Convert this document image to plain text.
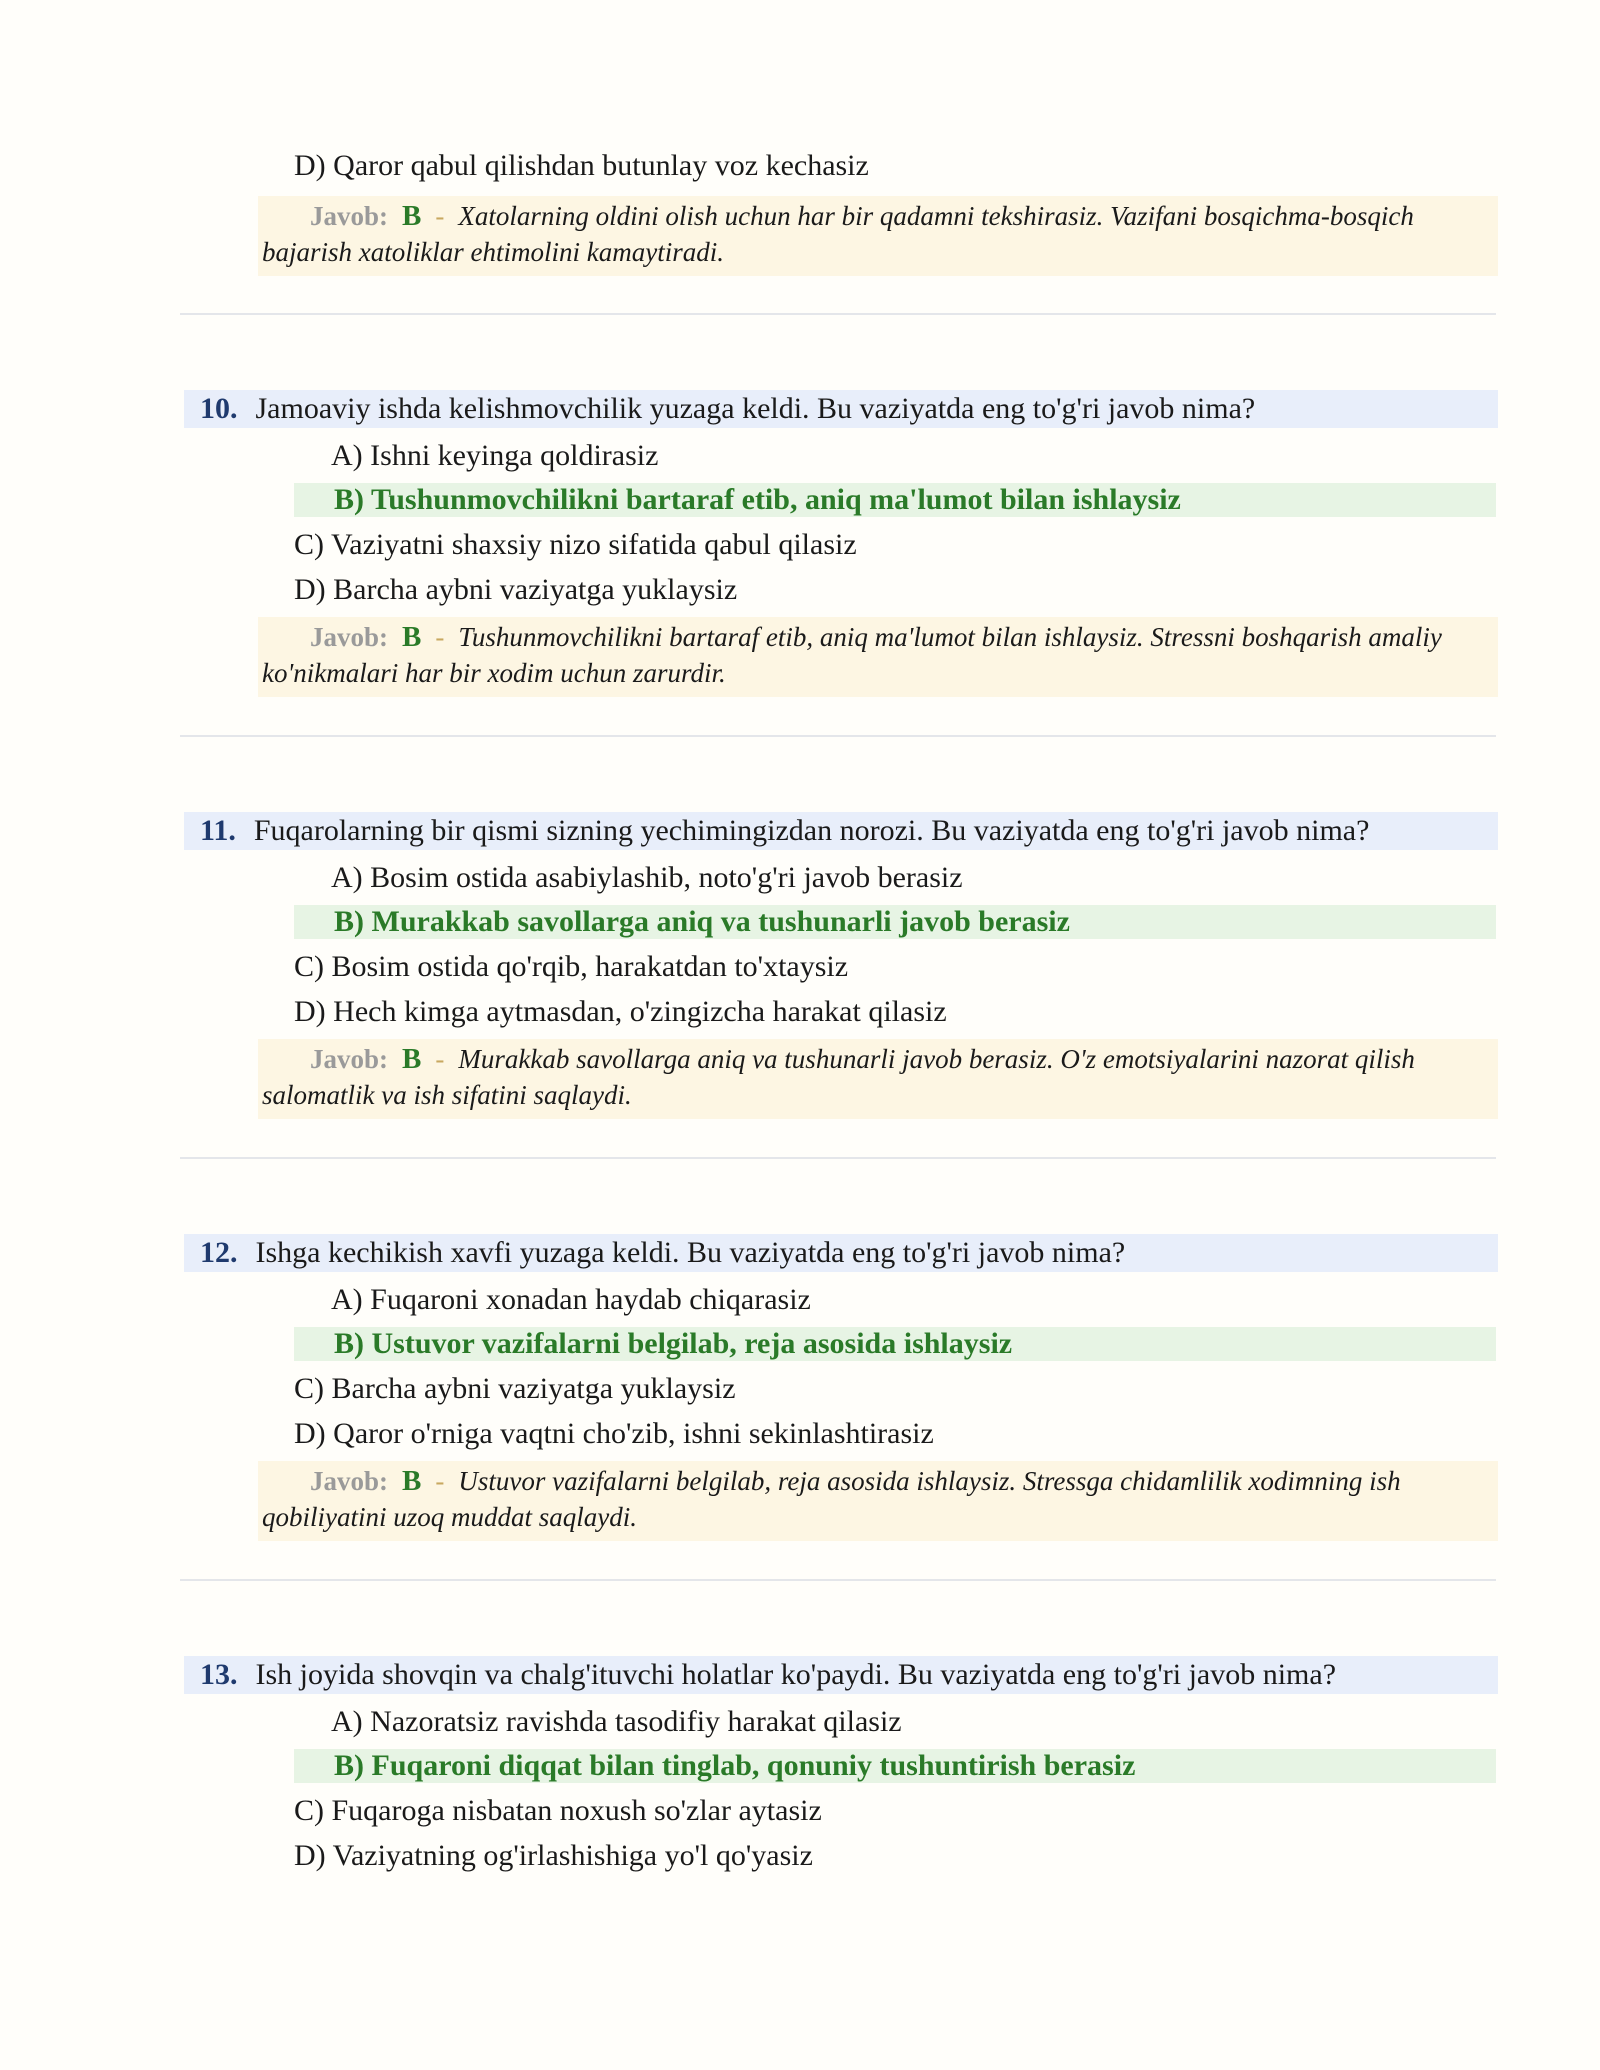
D) Qaror qabul qilishdan butunlay voz kechasiz
Javob: B - Xatolarning oldini olish uchun har bir qadamni tekshirasiz. Vazifani bosqichma-bosqich bajarish xatoliklar ehtimolini kamaytiradi.
10. Jamoaviy ishda kelishmovchilik yuzaga keldi. Bu vaziyatda eng to'g'ri javob nima?
A) Ishni keyinga qoldirasiz
B) Tushunmovchilikni bartaraf etib, aniq ma'lumot bilan ishlaysiz
C) Vaziyatni shaxsiy nizo sifatida qabul qilasiz
D) Barcha aybni vaziyatga yuklaysiz
Javob: B - Tushunmovchilikni bartaraf etib, aniq ma'lumot bilan ishlaysiz. Stressni boshqarish amaliy ko'nikmalari har bir xodim uchun zarurdir.
11. Fuqarolarning bir qismi sizning yechimingizdan norozi. Bu vaziyatda eng to'g'ri javob nima?
A) Bosim ostida asabiylashib, noto'g'ri javob berasiz
B) Murakkab savollarga aniq va tushunarli javob berasiz
C) Bosim ostida qo'rqib, harakatdan to'xtaysiz
D) Hech kimga aytmasdan, o'zingizcha harakat qilasiz
Javob: B - Murakkab savollarga aniq va tushunarli javob berasiz. O'z emotsiyalarini nazorat qilish salomatlik va ish sifatini saqlaydi.
12. Ishga kechikish xavfi yuzaga keldi. Bu vaziyatda eng to'g'ri javob nima?
A) Fuqaroni xonadan haydab chiqarasiz
B) Ustuvor vazifalarni belgilab, reja asosida ishlaysiz
C) Barcha aybni vaziyatga yuklaysiz
D) Qaror o'rniga vaqtni cho'zib, ishni sekinlashtirasiz
Javob: B - Ustuvor vazifalarni belgilab, reja asosida ishlaysiz. Stressga chidamlilik xodimning ish qobiliyatini uzoq muddat saqlaydi.
13. Ish joyida shovqin va chalg'ituvchi holatlar ko'paydi. Bu vaziyatda eng to'g'ri javob nima?
A) Nazoratsiz ravishda tasodifiy harakat qilasiz
B) Fuqaroni diqqat bilan tinglab, qonuniy tushuntirish berasiz
C) Fuqaroga nisbatan noxush so'zlar aytasiz
D) Vaziyatning og'irlashishiga yo'l qo'yasiz
